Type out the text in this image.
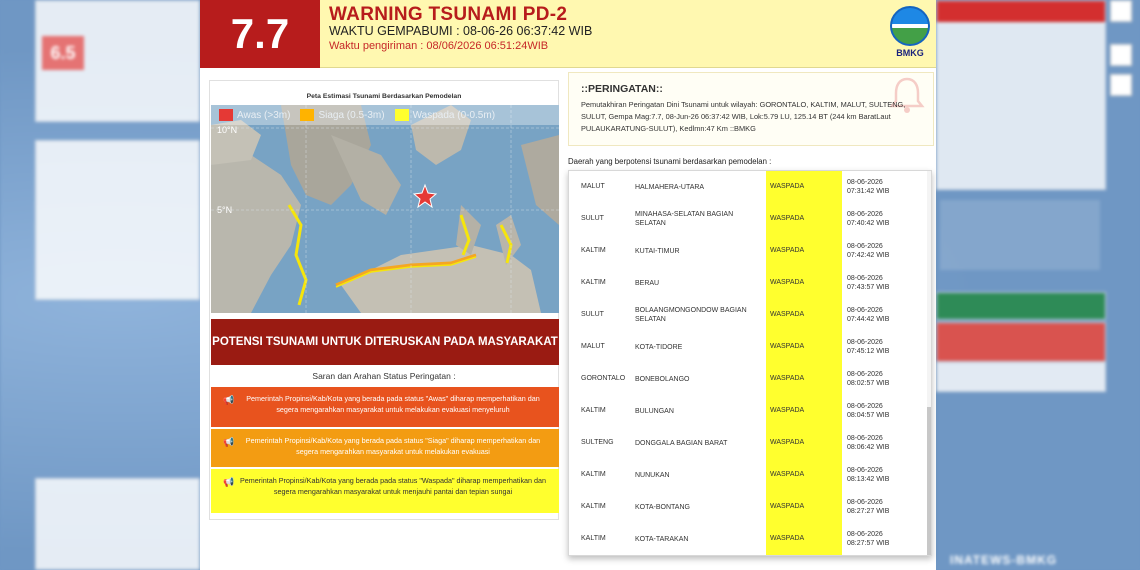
6.5
INATEWS-BMKG
7.7	WARNING TSUNAMI PD-2
WAKTU GEMPABUMI : 08-06-26 06:37:42 WIB
Waktu pengiriman : 08/06/2026 06:51:24WIB
BMKG
Peta Estimasi Tsunami Berdasarkan Pemodelan
Awas (>3m)	Siaga (0.5-3m)	Waspada (0-0.5m)
10°N
5°N
POTENSI TSUNAMI UNTUK DITERUSKAN PADA MASYARAKAT
Saran dan Arahan Status Peringatan :
📢 Pemerintah Propinsi/Kab/Kota yang berada pada status "Awas" diharap memperhatikan dan segera mengarahkan masyarakat untuk melakukan evakuasi menyeluruh
📢 Pemerintah Propinsi/Kab/Kota yang berada pada status "Siaga" diharap memperhatikan dan segera mengarahkan masyarakat untuk melakukan evakuasi
📢 Pemerintah Propinsi/Kab/Kota yang berada pada status "Waspada" diharap memperhatikan dan segera mengarahkan masyarakat untuk menjauhi pantai dan tepian sungai
::PERINGATAN::
Pemutakhiran Peringatan Dini Tsunami untuk wilayah: GORONTALO, KALTIM, MALUT, SULTENG, SULUT, Gempa Mag:7.7, 08-Jun-26 06:37:42 WIB, Lok:5.79 LU, 125.14 BT (244 km BaratLaut PULAUKARATUNG-SULUT), Kedlmn:47 Km ::BMKG
Daerah yang berpotensi tsunami berdasarkan pemodelan :
MALUT	HALMAHERA-UTARA	WASPADA
08-06-2026
07:31:42 WIB
SULUT
MINAHASA-SELATAN BAGIAN SELATAN
WASPADA
08-06-2026
07:40:42 WIB
KALTIM	KUTAI-TIMUR	WASPADA
08-06-2026
07:42:42 WIB
KALTIM	BERAU	WASPADA
08-06-2026
07:43:57 WIB
SULUT
BOLAANGMONGONDOW BAGIAN SELATAN
WASPADA
08-06-2026
07:44:42 WIB
MALUT	KOTA-TIDORE	WASPADA
08-06-2026
07:45:12 WIB
GORONTALO	BONEBOLANGO	WASPADA
08-06-2026
08:02:57 WIB
KALTIM	BULUNGAN	WASPADA
08-06-2026
08:04:57 WIB
SULTENG	DONGGALA BAGIAN BARAT	WASPADA
08-06-2026
08:06:42 WIB
KALTIM	NUNUKAN	WASPADA
08-06-2026
08:13:42 WIB
KALTIM	KOTA-BONTANG	WASPADA
08-06-2026
08:27:27 WIB
KALTIM	KOTA-TARAKAN	WASPADA
08-06-2026
08:27:57 WIB
